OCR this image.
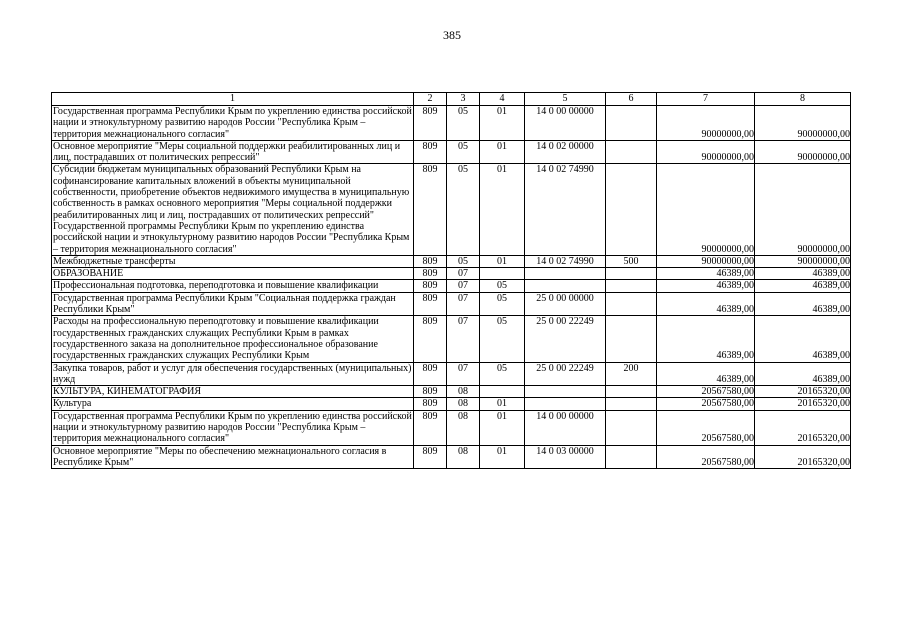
385
1	2	3	4	5	6	7	8
Государственная программа Республики Крым по укреплению единства российской нации и этнокультурному развитию народов России "Республика Крым – территория межнационального согласия"	809	05	01	14 0 00 00000		90000000,00	90000000,00
Основное мероприятие "Меры социальной поддержки реабилитированных лиц и лиц, пострадавших от политических репрессий"	809	05	01	14 0 02 00000		90000000,00	90000000,00
Субсидии бюджетам муниципальных образований Республики Крым на софинансирование капитальных вложений в объекты муниципальной собственности, приобретение объектов недвижимого имущества в муниципальную собственность в рамках основного мероприятия "Меры социальной поддержки реабилитированных лиц и лиц, пострадавших от политических репрессий" Государственной программы Республики Крым по укреплению единства российской нации и этнокультурному развитию народов России "Республика Крым – территория межнационального согласия"	809	05	01	14 0 02 74990		90000000,00	90000000,00
Межбюджетные трансферты	809	05	01	14 0 02 74990	500	90000000,00	90000000,00
ОБРАЗОВАНИЕ	809	07				46389,00	46389,00
Профессиональная подготовка, переподготовка и повышение квалификации	809	07	05			46389,00	46389,00
Государственная программа Республики Крым "Социальная поддержка граждан Республики Крым"	809	07	05	25 0 00 00000		46389,00	46389,00
Расходы на профессиональную переподготовку и повышение квалификации государственных гражданских служащих Республики Крым в рамках государственного заказа на дополнительное профессиональное образование государственных гражданских служащих Республики Крым	809	07	05	25 0 00 22249		46389,00	46389,00
Закупка товаров, работ и услуг для обеспечения государственных (муниципальных) нужд	809	07	05	25 0 00 22249	200	46389,00	46389,00
КУЛЬТУРА, КИНЕМАТОГРАФИЯ	809	08				20567580,00	20165320,00
Культура	809	08	01			20567580,00	20165320,00
Государственная программа Республики Крым по укреплению единства российской нации и этнокультурному развитию народов России "Республика Крым – территория межнационального согласия"	809	08	01	14 0 00 00000		20567580,00	20165320,00
Основное мероприятие "Меры по обеспечению межнационального согласия в Республике Крым"	809	08	01	14 0 03 00000		20567580,00	20165320,00
